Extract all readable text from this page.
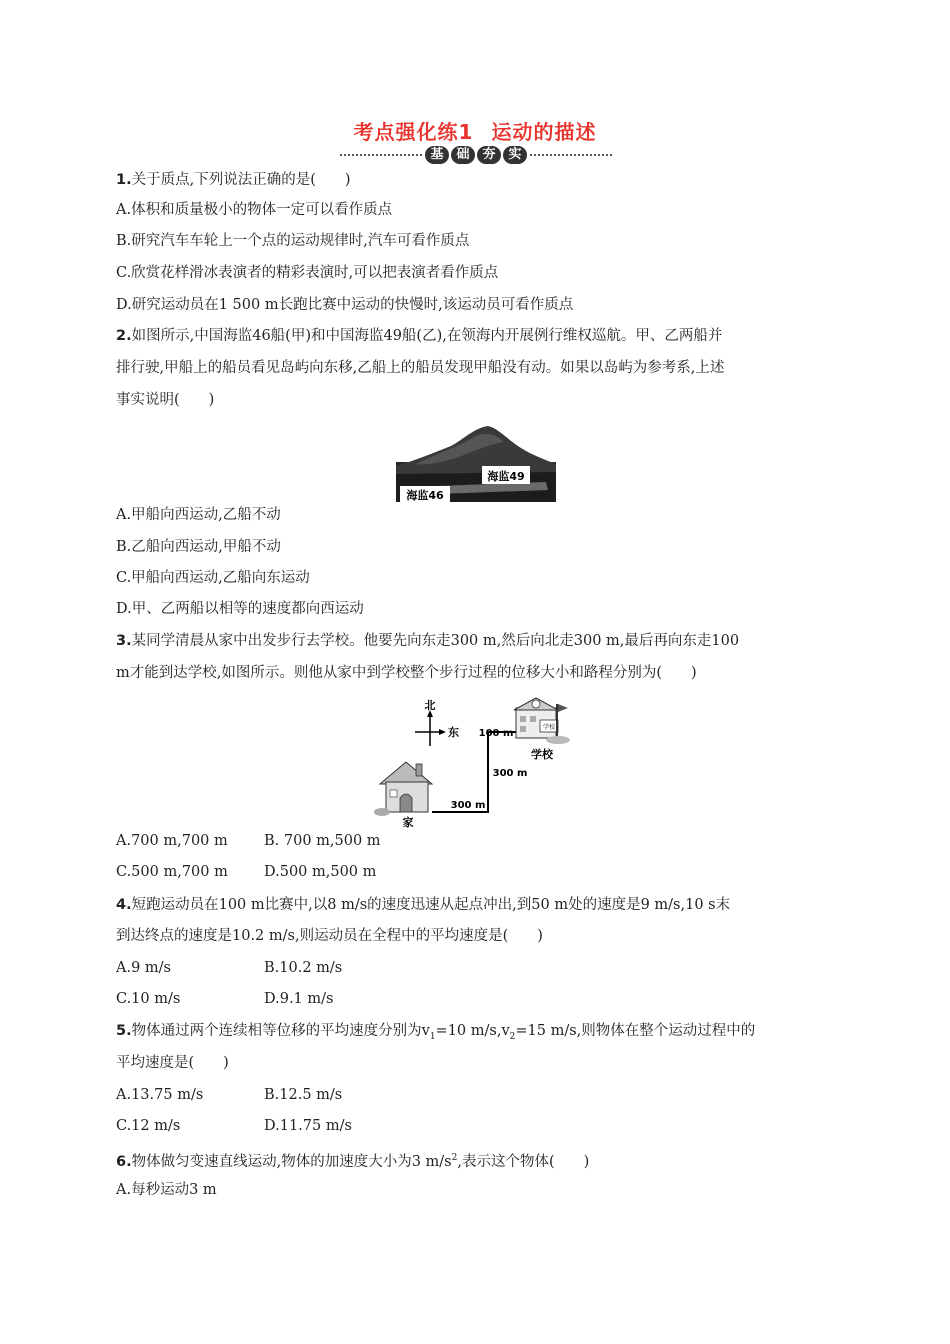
考点强化练1 运动的描述
基 础 夯 实
1.关于质点,下列说法正确的是(　　)
A.体积和质量极小的物体一定可以看作质点
B.研究汽车车轮上一个点的运动规律时,汽车可看作质点
C.欣赏花样滑冰表演者的精彩表演时,可以把表演者看作质点
D.研究运动员在1 500 m长跑比赛中运动的快慢时,该运动员可看作质点
2.如图所示,中国海监46船(甲)和中国海监49船(乙),在领海内开展例行维权巡航。甲、乙两船并
排行驶,甲船上的船员看见岛屿向东移,乙船上的船员发现甲船没有动。如果以岛屿为参考系,上述
事实说明(　　)
海监49
海监46
A.甲船向西运动,乙船不动
B.乙船向西运动,甲船不动
C.甲船向西运动,乙船向东运动
D.甲、乙两船以相等的速度都向西运动
3.某同学清晨从家中出发步行去学校。他要先向东走300 m,然后向北走300 m,最后再向东走100
m才能到达学校,如图所示。则他从家中到学校整个步行过程的位移大小和路程分别为(　　)
北
东
300 m
300 m
100 m
家
学校
学校
A.700 m,700 m B. 700 m,500 m
C.500 m,700 m D.500 m,500 m
4.短跑运动员在100 m比赛中,以8 m/s的速度迅速从起点冲出,到50 m处的速度是9 m/s,10 s末
到达终点的速度是10.2 m/s,则运动员在全程中的平均速度是(　　)
A.9 m/s	B.10.2 m/s
C.10 m/s	D.9.1 m/s
5.物体通过两个连续相等位移的平均速度分别为$v_1=10$ $m/s,v_2=15$ m/s,则物体在整个运动过程中的
平均速度是(　　)
A.13.75 m/s	B.12.5 m/s
C.12 m/s	D.11.75 m/s
6.物体做匀变速直线运动,物体的加速度大小为3 $m/s^2$,表示这个物体(　　)
A.每秒运动3 m
